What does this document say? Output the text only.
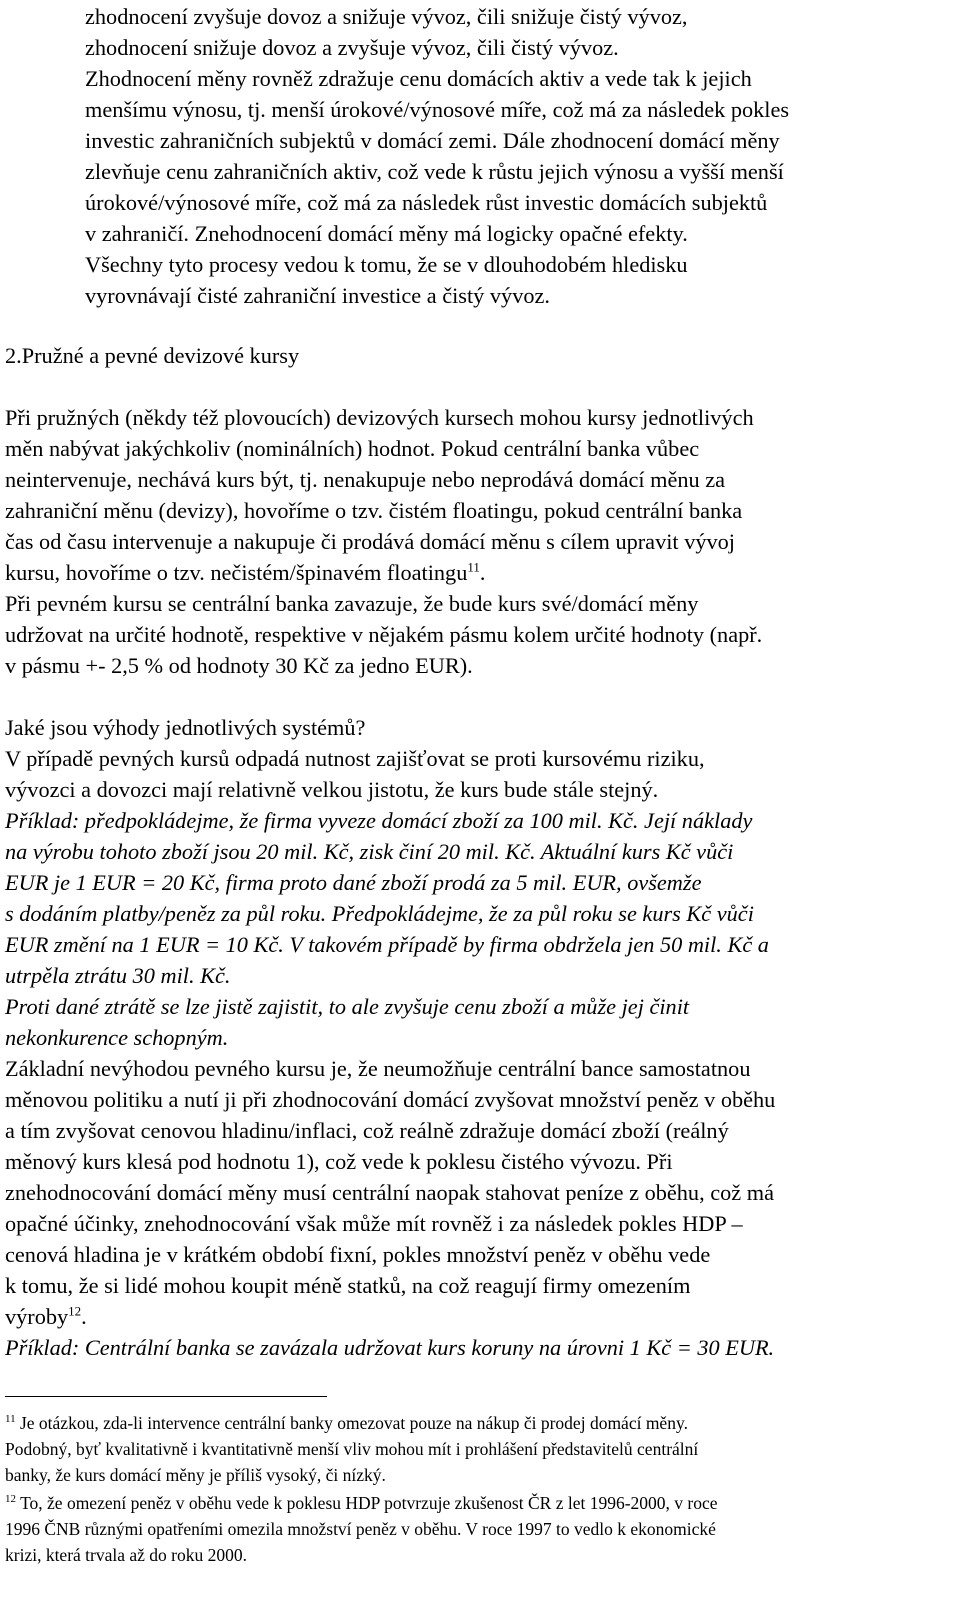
zhodnocení zvyšuje dovoz a snižuje vývoz, čili snižuje čistý vývoz,
zhodnocení snižuje dovoz a zvyšuje vývoz, čili čistý vývoz.
Zhodnocení měny rovněž zdražuje cenu domácích aktiv a vede tak k jejich
menšímu výnosu, tj. menší úrokové/výnosové míře, což má za následek pokles
investic zahraničních subjektů v domácí zemi. Dále zhodnocení domácí měny
zlevňuje cenu zahraničních aktiv, což vede k růstu jejich výnosu a vyšší menší
úrokové/výnosové míře, což má za následek růst investic domácích subjektů
v zahraničí. Znehodnocení domácí měny má logicky opačné efekty.
Všechny tyto procesy vedou k tomu, že se v dlouhodobém hledisku
vyrovnávají čisté zahraniční investice a čistý vývoz.
2.Pružné a pevné devizové kursy
Při pružných (někdy též plovoucích) devizových kursech mohou kursy jednotlivých
měn nabývat jakýchkoliv (nominálních) hodnot. Pokud centrální banka vůbec
neintervenuje, nechává kurs být, tj. nenakupuje nebo neprodává domácí měnu za
zahraniční měnu (devizy), hovoříme o tzv. čistém floatingu, pokud centrální banka
čas od času intervenuje a nakupuje či prodává domácí měnu s cílem upravit vývoj
kursu, hovoříme o tzv. nečistém/špinavém floatingu$^{11}$.
Při pevném kursu se centrální banka zavazuje, že bude kurs své/domácí měny
udržovat na určité hodnotě, respektive v nějakém pásmu kolem určité hodnoty (např.
v pásmu +- 2,5 % od hodnoty 30 Kč za jedno EUR).
Jaké jsou výhody jednotlivých systémů?
V případě pevných kursů odpadá nutnost zajišťovat se proti kursovému riziku,
vývozci a dovozci mají relativně velkou jistotu, že kurs bude stále stejný.
Příklad: předpokládejme, že firma vyveze domácí zboží za 100 mil. Kč. Její náklady
na výrobu tohoto zboží jsou 20 mil. Kč, zisk činí 20 mil. Kč. Aktuální kurs Kč vůči
EUR je 1 EUR = 20 Kč, firma proto dané zboží prodá za 5 mil. EUR, ovšemže
s dodáním platby/peněz za půl roku. Předpokládejme, že za půl roku se kurs Kč vůči
EUR změní na 1 EUR = 10 Kč. V takovém případě by firma obdržela jen 50 mil. Kč a
utrpěla ztrátu 30 mil. Kč.
Proti dané ztrátě se lze jistě zajistit, to ale zvyšuje cenu zboží a může jej činit
nekonkurence schopným.
Základní nevýhodou pevného kursu je, že neumožňuje centrální bance samostatnou
měnovou politiku a nutí ji při zhodnocování domácí zvyšovat množství peněz v oběhu
a tím zvyšovat cenovou hladinu/inflaci, což reálně zdražuje domácí zboží (reálný
měnový kurs klesá pod hodnotu 1), což vede k poklesu čistého vývozu. Při
znehodnocování domácí měny musí centrální naopak stahovat peníze z oběhu, což má
opačné účinky, znehodnocování však může mít rovněž i za následek pokles HDP –
cenová hladina je v krátkém období fixní, pokles množství peněz v oběhu vede
k tomu, že si lidé mohou koupit méně statků, na což reagují firmy omezením
výroby$^{12}$.
Příklad: Centrální banka se zavázala udržovat kurs koruny na úrovni 1 Kč = 30 EUR.
$^{11}$ Je otázkou, zda-li intervence centrální banky omezovat pouze na nákup či prodej domácí měny.
Podobný, byť kvalitativně i kvantitativně menší vliv mohou mít i prohlášení představitelů centrální
banky, že kurs domácí měny je příliš vysoký, či nízký.
$^{12}$ To, že omezení peněz v oběhu vede k poklesu HDP potvrzuje zkušenost ČR z let 1996-2000, v roce
1996 ČNB různými opatřeními omezila množství peněz v oběhu. V roce 1997 to vedlo k ekonomické
krizi, která trvala až do roku 2000.
